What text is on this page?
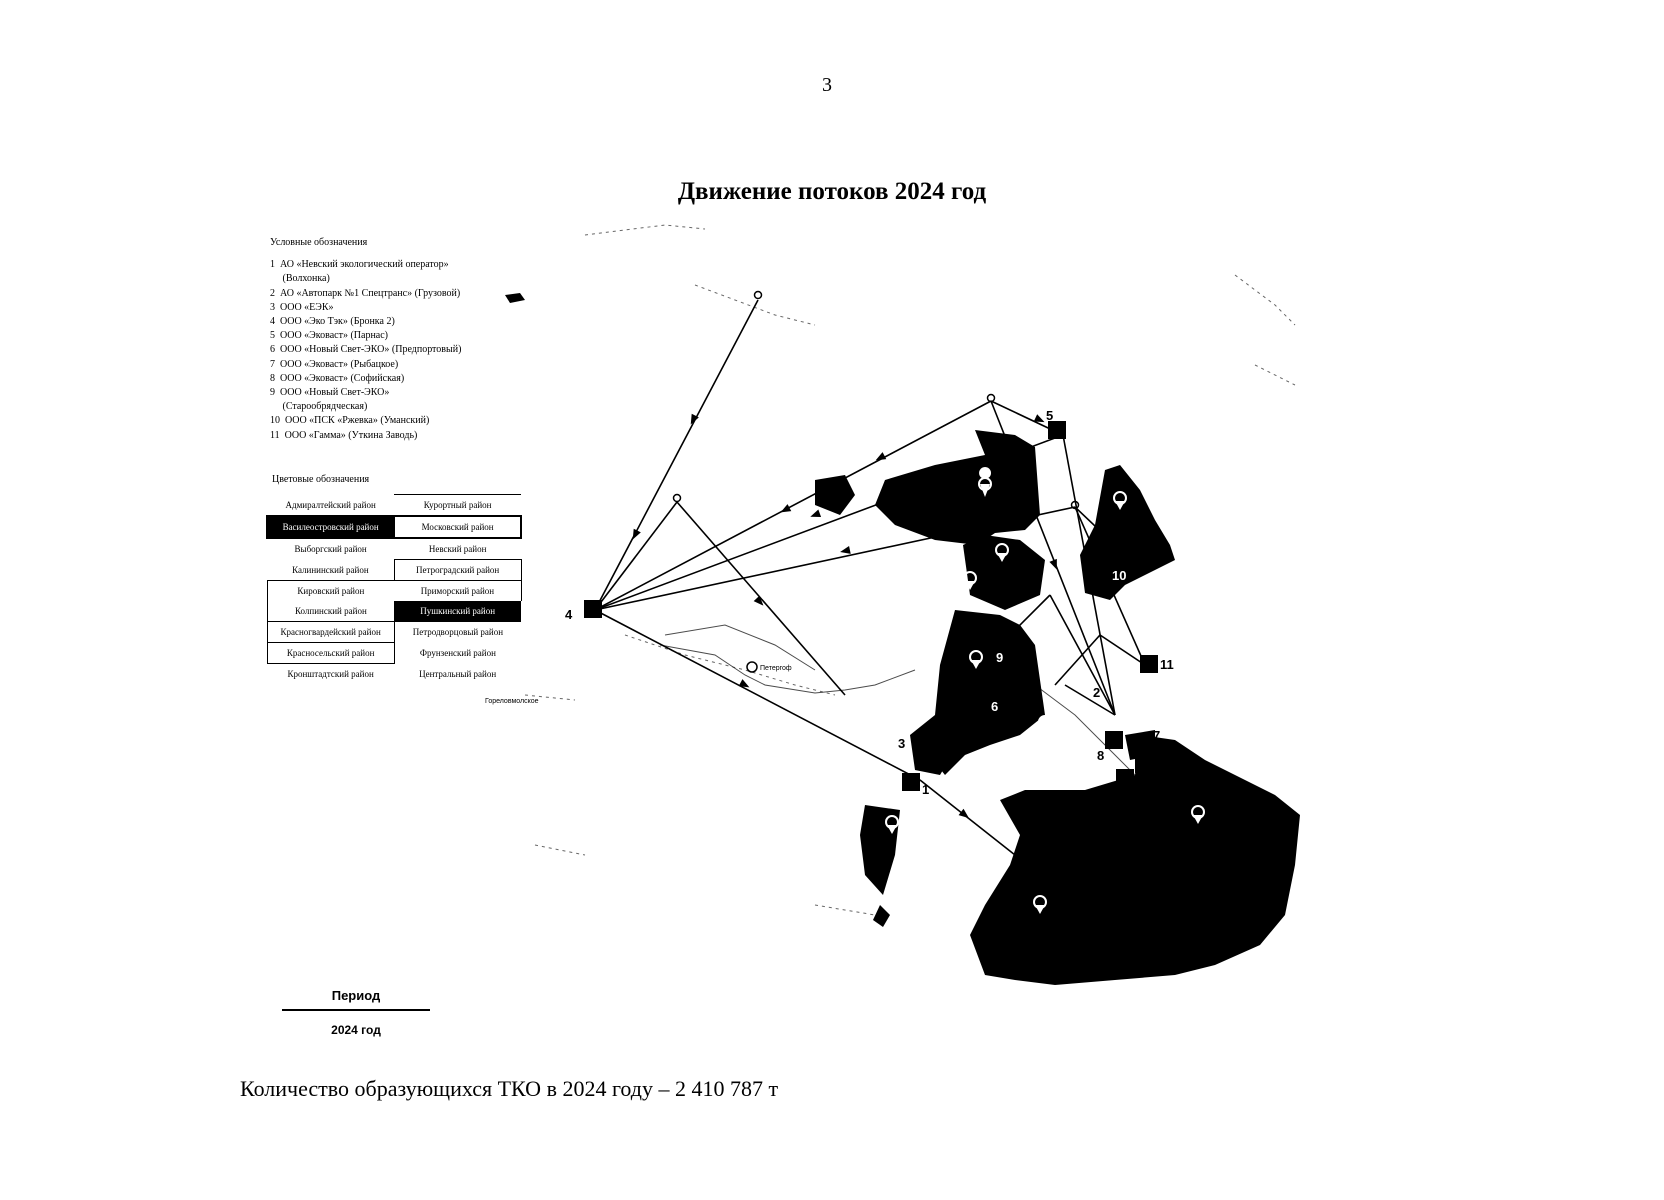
3
Движение потоков 2024 год
Условные обозначения
1  АО «Невский экологический оператор»
(Волхонка)
2  АО «Автопарк №1 Спецтранс» (Грузовой)
3  ООО «ЕЭК»
4  ООО «Эко Тэк» (Бронка 2)
5  ООО «Эковаст» (Парнас)
6  ООО «Новый Свет-ЭКО» (Предпортовый)
7  ООО «Эковаст» (Рыбацкое)
8  ООО «Эковаст» (Софийская)
9  ООО «Новый Свет-ЭКО»
(Старообрядческая)
10  ООО «ПСК «Ржевка» (Уманский)
11  ООО «Гамма» (Уткина Заводь)
Цветовые обозначения
Адмиралтейский район	Курортный район
Василеостровский район	Московский район
Выборгский район	Невский район
Калининский район	Петроградский район
Кировский район	Приморский район
Колпинский район	Пушкинский район
Красногвардейский район	Петродворцовый район
Красносельский район	Фрунзенский район
Кронштадтский район	Центральный район
1
2
3
4
5
6
7
8
9
10
11
Петергоф
Гореловмолское
Период
2024 год
Количество образующихся ТКО в 2024 году – 2 410 787 т
